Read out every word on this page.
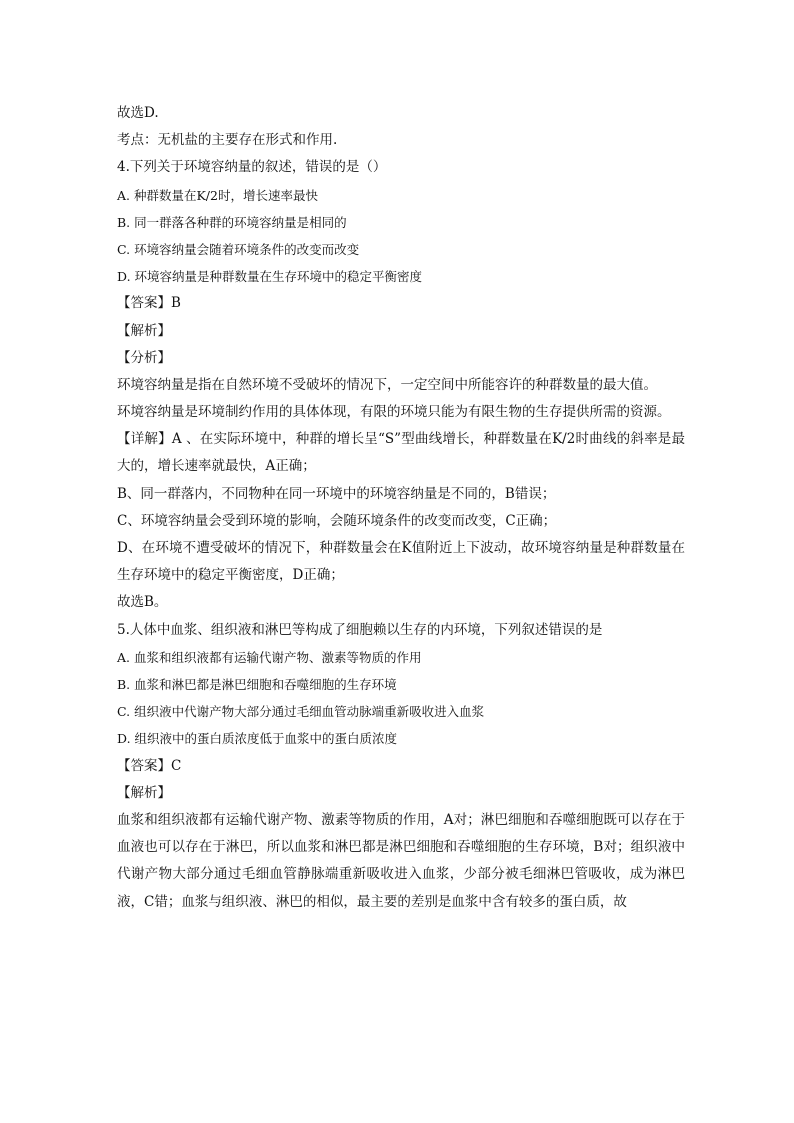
故选D.

考点：无机盐的主要存在形式和作用.

4.下列关于环境容纳量的叙述，错误的是（）

A. 种群数量在K/2时，增长速率最快

B. 同一群落各种群的环境容纳量是相同的

C. 环境容纳量会随着环境条件的改变而改变

D. 环境容纳量是种群数量在生存环境中的稳定平衡密度

【答案】B

【解析】

【分析】

环境容纳量是指在自然环境不受破坏的情况下，一定空间中所能容许的种群数量的最大值。

环境容纳量是环境制约作用的具体体现，有限的环境只能为有限生物的生存提供所需的资源。

【详解】A 、在实际环境中，种群的增长呈“S”型曲线增长，种群数量在K/2时曲线的斜率是最大的，增长速率就最快，A正确；

B、同一群落内，不同物种在同一环境中的环境容纳量是不同的，B错误；

C、环境容纳量会受到环境的影响，会随环境条件的改变而改变，C正确；

D、在环境不遭受破坏的情况下，种群数量会在K值附近上下波动，故环境容纳量是种群数量在生存环境中的稳定平衡密度，D正确；

故选B。

5.人体中血浆、组织液和淋巴等构成了细胞赖以生存的内环境，下列叙述错误的是

A. 血浆和组织液都有运输代谢产物、激素等物质的作用

B. 血浆和淋巴都是淋巴细胞和吞噬细胞的生存环境

C. 组织液中代谢产物大部分通过毛细血管动脉端重新吸收进入血浆

D. 组织液中的蛋白质浓度低于血浆中的蛋白质浓度

【答案】C

【解析】

血浆和组织液都有运输代谢产物、激素等物质的作用，A对；淋巴细胞和吞噬细胞既可以存在于血液也可以存在于淋巴，所以血浆和淋巴都是淋巴细胞和吞噬细胞的生存环境，B对；组织液中代谢产物大部分通过毛细血管静脉端重新吸收进入血浆，少部分被毛细淋巴管吸收，成为淋巴液，C错；血浆与组织液、淋巴的相似，最主要的差别是血浆中含有较多的蛋白质，故
